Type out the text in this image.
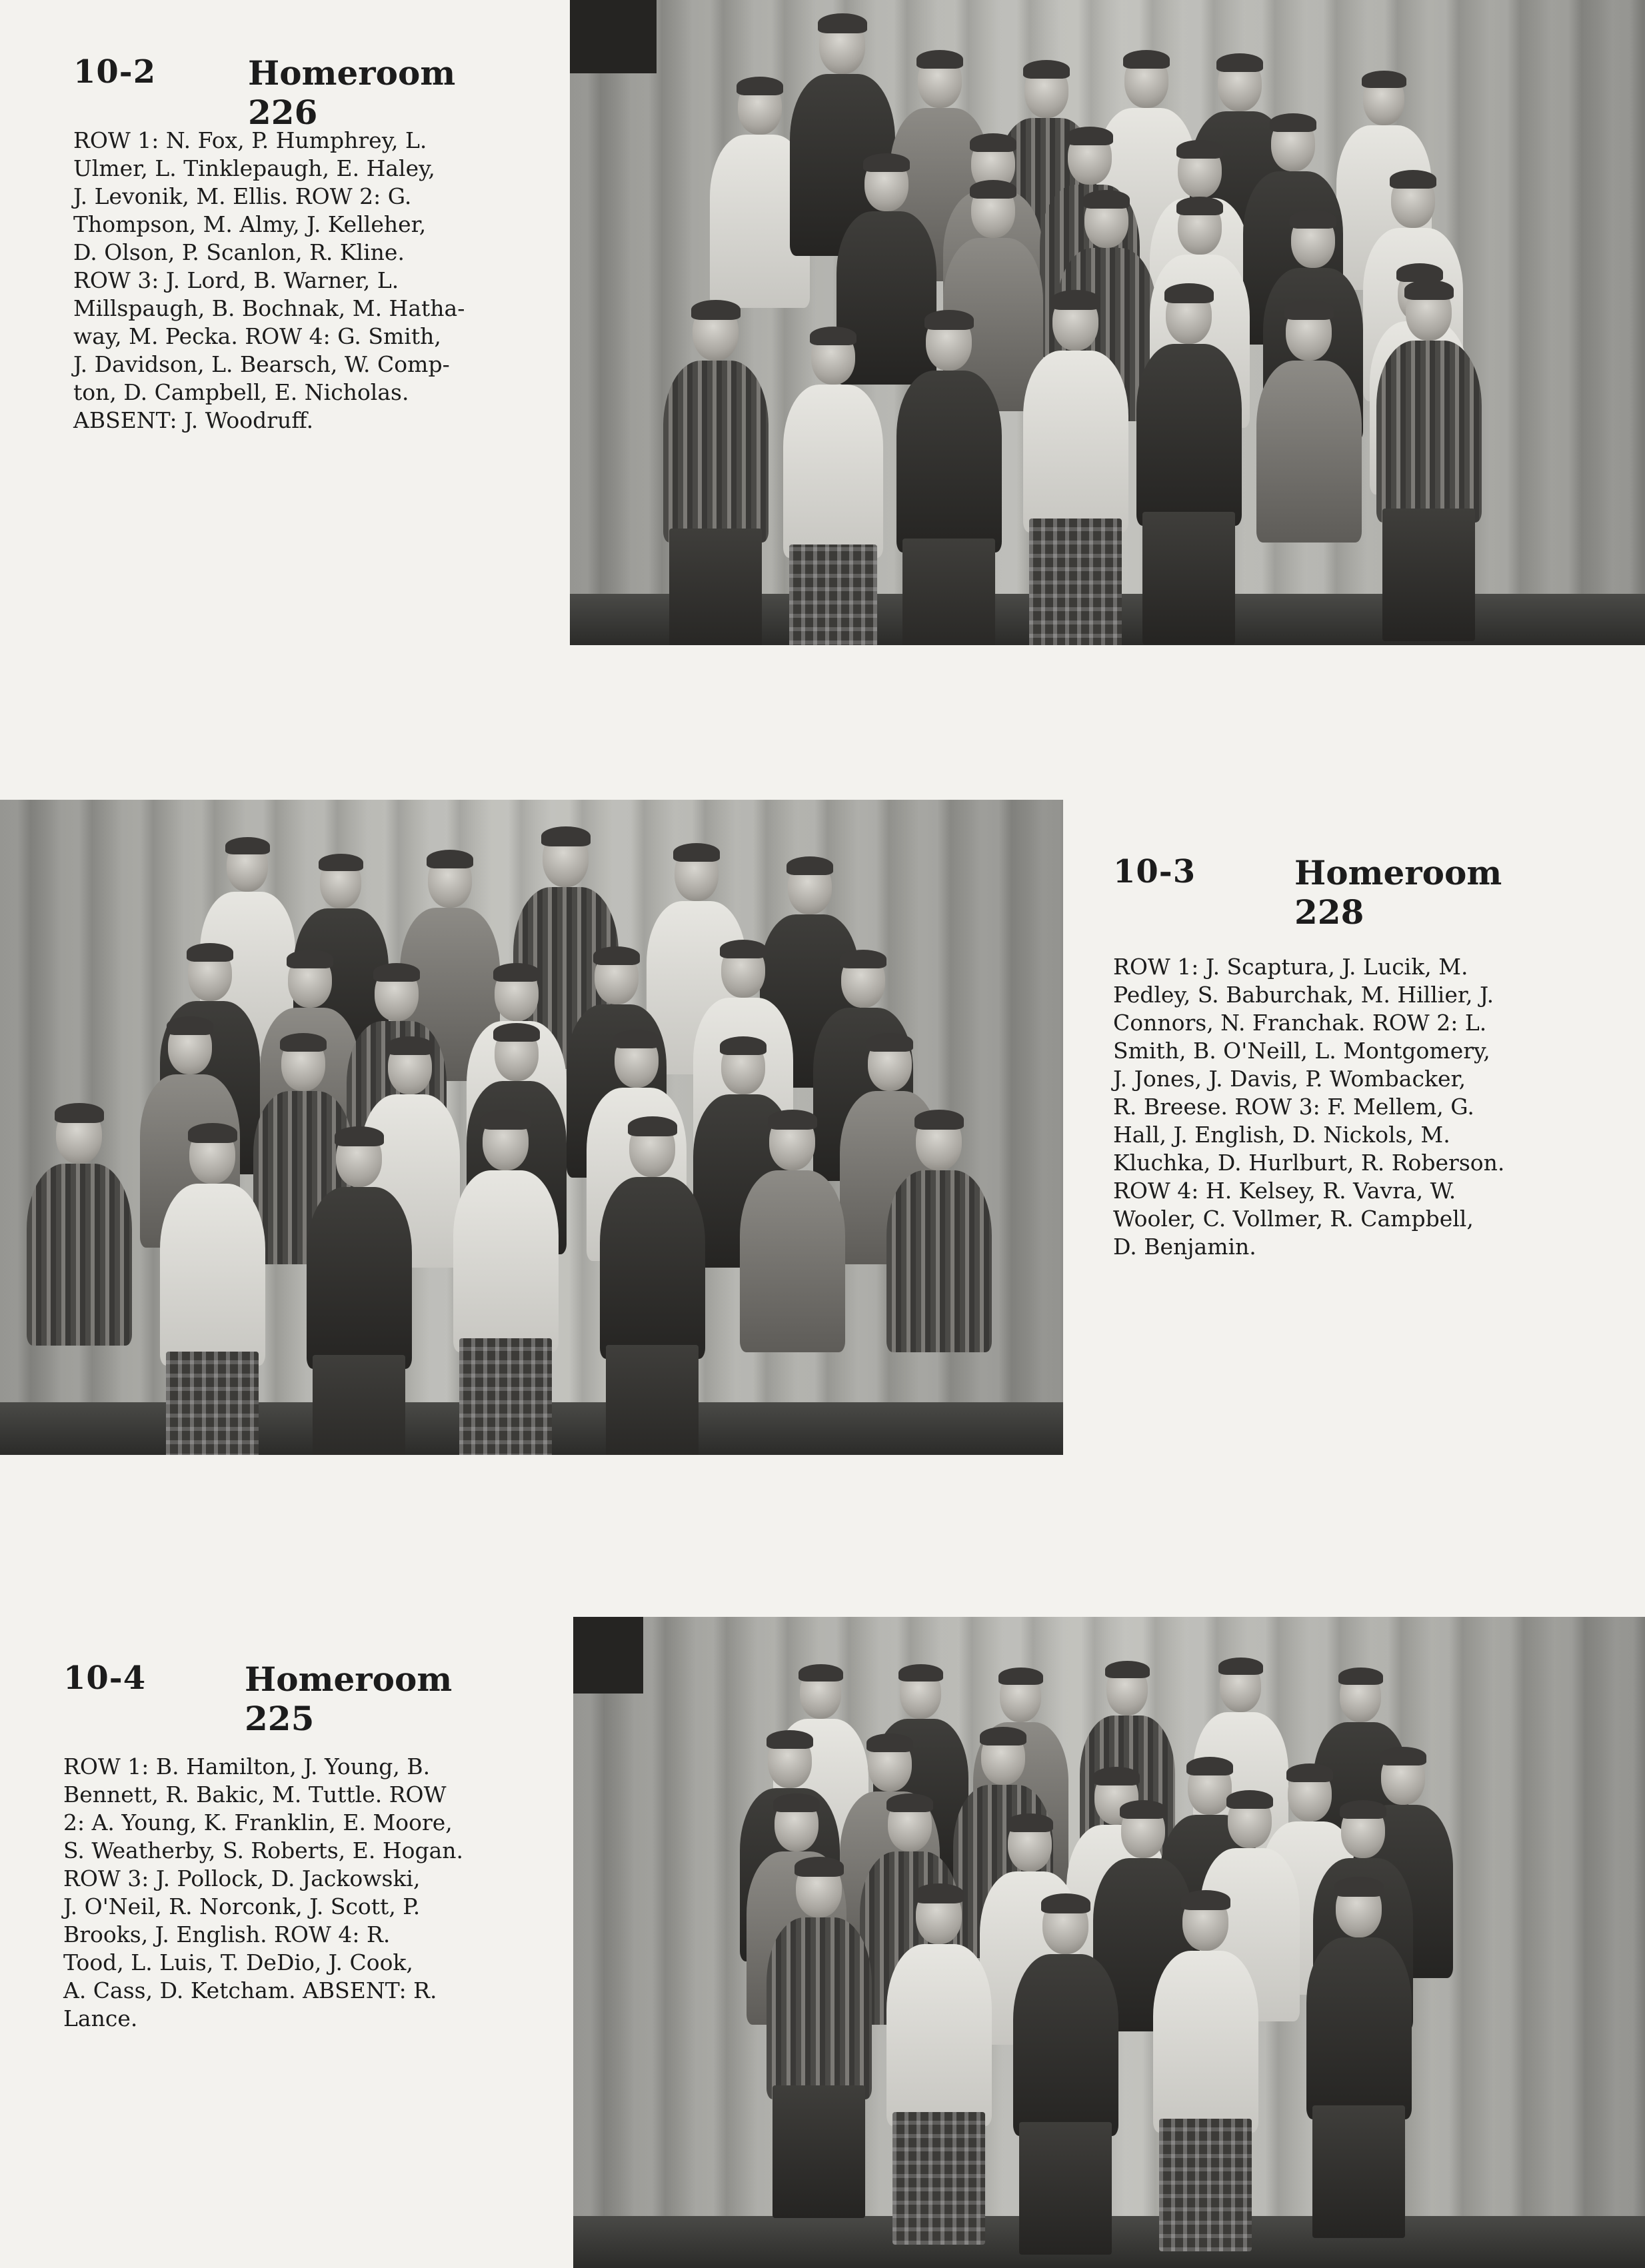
10-2	Homeroom 226
ROW 1: N. Fox, P. Humphrey, L.
Ulmer, L. Tinklepaugh, E. Haley,
J. Levonik, M. Ellis. ROW 2: G.
Thompson, M. Almy, J. Kelleher,
D. Olson, P. Scanlon, R. Kline.
ROW 3: J. Lord, B. Warner, L.
Millspaugh, B. Bochnak, M. Hatha-
way, M. Pecka. ROW 4: G. Smith,
J. Davidson, L. Bearsch, W. Comp-
ton, D. Campbell, E. Nicholas.
ABSENT: J. Woodruff.
10-3	Homeroom 228
ROW 1: J. Scaptura, J. Lucik, M.
Pedley, S. Baburchak, M. Hillier, J.
Connors, N. Franchak. ROW 2: L.
Smith, B. O'Neill, L. Montgomery,
J. Jones, J. Davis, P. Wombacker,
R. Breese. ROW 3: F. Mellem, G.
Hall, J. English, D. Nickols, M.
Kluchka, D. Hurlburt, R. Roberson.
ROW 4: H. Kelsey, R. Vavra, W.
Wooler, C. Vollmer, R. Campbell,
D. Benjamin.
10-4	Homeroom 225
ROW 1: B. Hamilton, J. Young, B.
Bennett, R. Bakic, M. Tuttle. ROW
2: A. Young, K. Franklin, E. Moore,
S. Weatherby, S. Roberts, E. Hogan.
ROW 3: J. Pollock, D. Jackowski,
J. O'Neil, R. Norconk, J. Scott, P.
Brooks, J. English. ROW 4: R.
Tood, L. Luis, T. DeDio, J. Cook,
A. Cass, D. Ketcham. ABSENT: R.
Lance.
